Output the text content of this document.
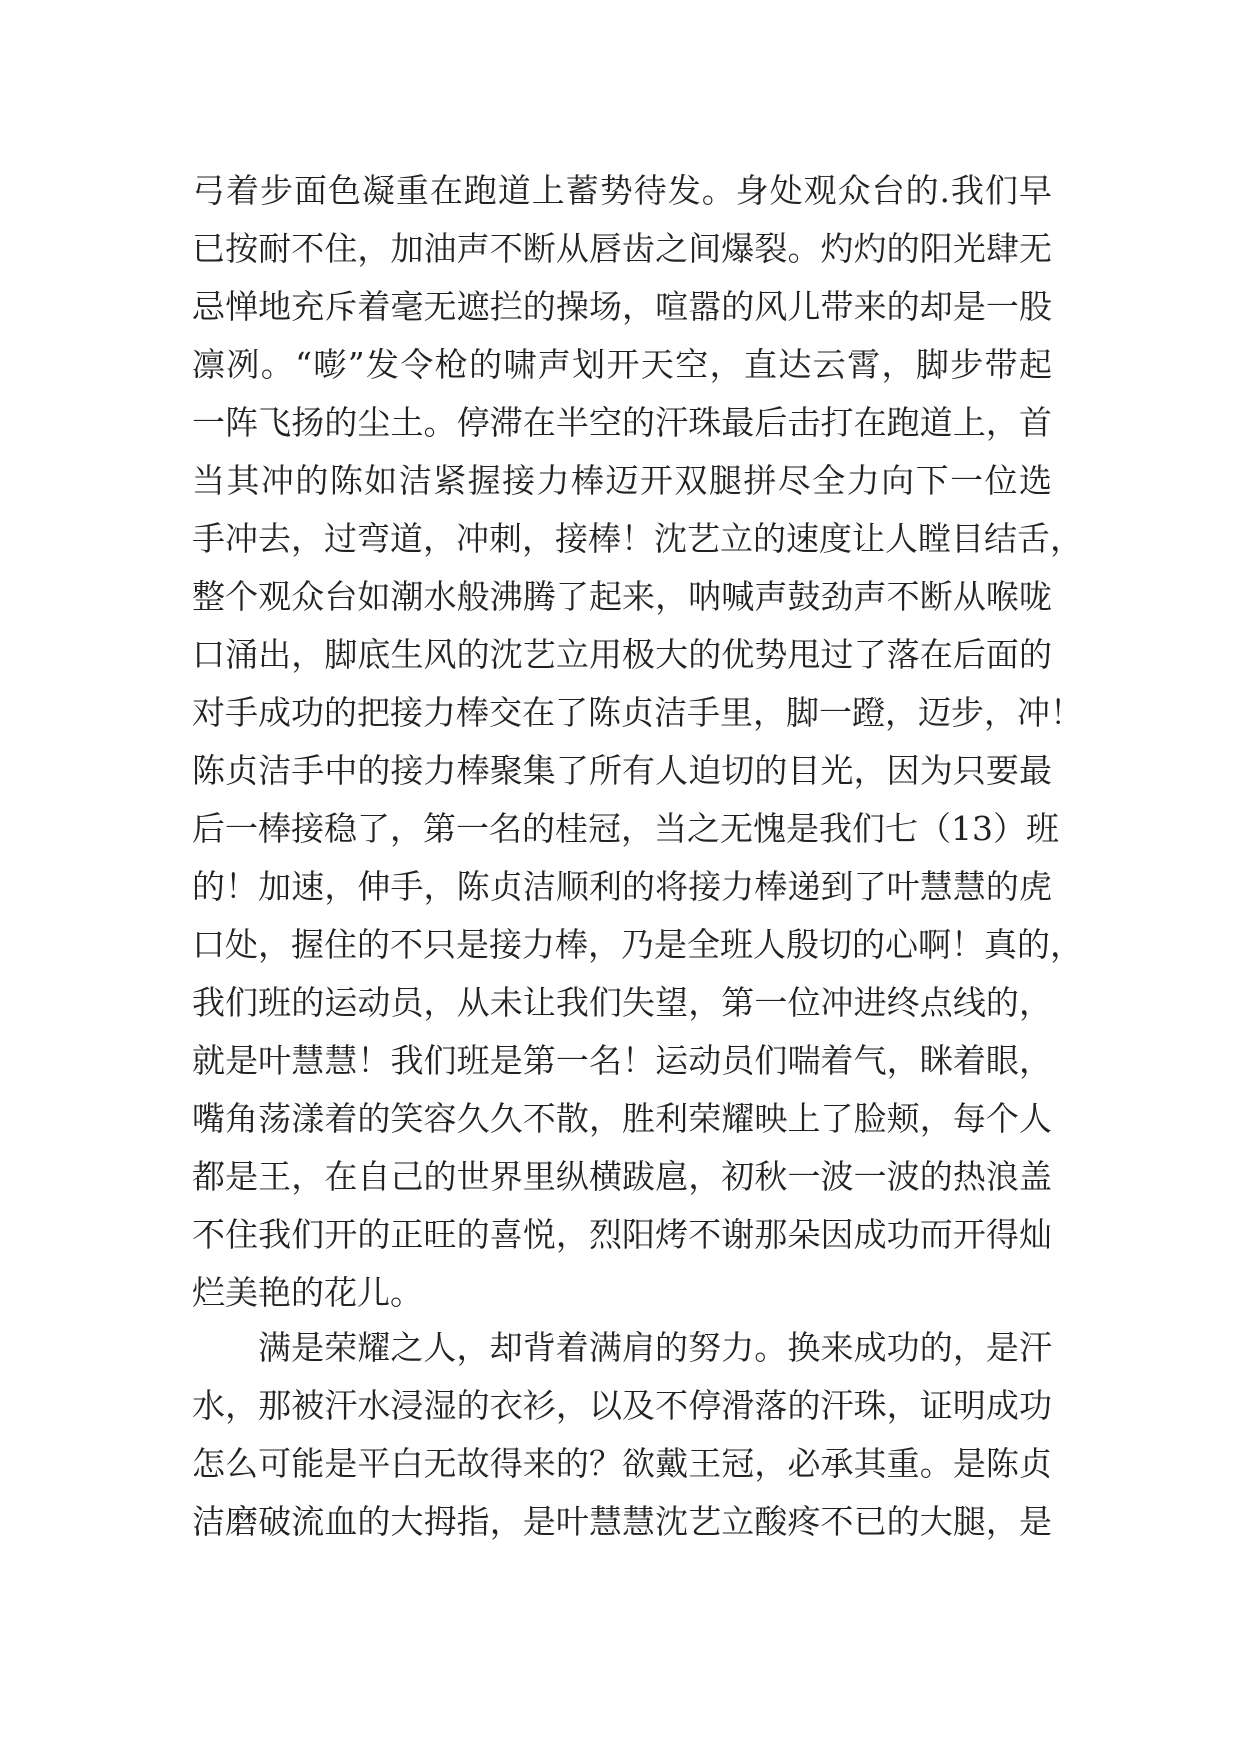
弓着步面色凝重在跑道上蓄势待发。身处观众台的.我们早
已按耐不住，加油声不断从唇齿之间爆裂。灼灼的阳光肆无
忌惮地充斥着毫无遮拦的操场，喧嚣的风儿带来的却是一股
凛冽。“嘭”发令枪的啸声划开天空，直达云霄，脚步带起
一阵飞扬的尘土。停滞在半空的汗珠最后击打在跑道上，首
当其冲的陈如洁紧握接力棒迈开双腿拼尽全力向下一位选
手冲去，过弯道，冲刺，接棒！沈艺立的速度让人瞠目结舌，
整个观众台如潮水般沸腾了起来，呐喊声鼓劲声不断从喉咙
口涌出，脚底生风的沈艺立用极大的优势甩过了落在后面的
对手成功的把接力棒交在了陈贞洁手里，脚一蹬，迈步，冲！
陈贞洁手中的接力棒聚集了所有人迫切的目光，因为只要最
后一棒接稳了，第一名的桂冠，当之无愧是我们七（13）班
的！加速，伸手，陈贞洁顺利的将接力棒递到了叶慧慧的虎
口处，握住的不只是接力棒，乃是全班人殷切的心啊！真的，
我们班的运动员，从未让我们失望，第一位冲进终点线的，
就是叶慧慧！我们班是第一名！运动员们喘着气，眯着眼，
嘴角荡漾着的笑容久久不散，胜利荣耀映上了脸颊，每个人
都是王，在自己的世界里纵横跋扈，初秋一波一波的热浪盖
不住我们开的正旺的喜悦，烈阳烤不谢那朵因成功而开得灿
烂美艳的花儿。
满是荣耀之人，却背着满肩的努力。换来成功的，是汗
水，那被汗水浸湿的衣衫，以及不停滑落的汗珠，证明成功
怎么可能是平白无故得来的？欲戴王冠，必承其重。是陈贞
洁磨破流血的大拇指，是叶慧慧沈艺立酸疼不已的大腿，是
